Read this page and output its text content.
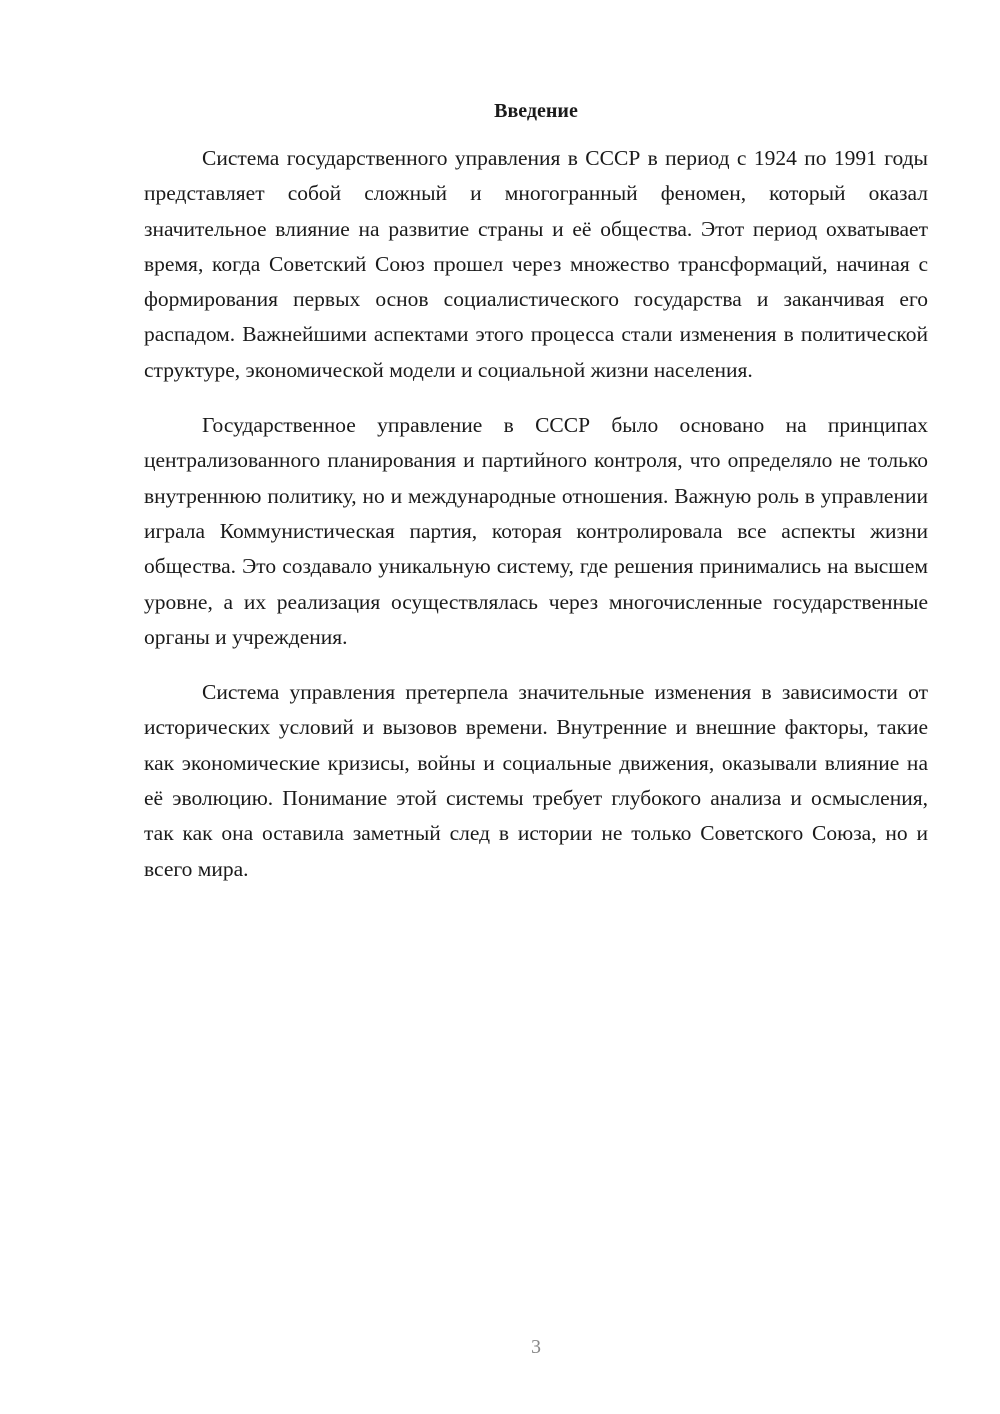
Введение

Система государственного управления в СССР в период с 1924 по 1991 годы представляет собой сложный и многогранный феномен, который оказал значительное влияние на развитие страны и её общества. Этот период охватывает время, когда Советский Союз прошел через множество трансформаций, начиная с формирования первых основ социалистического государства и заканчивая его распадом. Важнейшими аспектами этого процесса стали изменения в политической структуре, экономической модели и социальной жизни населения.

Государственное управление в СССР было основано на принципах централизованного планирования и партийного контроля, что определяло не только внутреннюю политику, но и международные отношения. Важную роль в управлении играла Коммунистическая партия, которая контролировала все аспекты жизни общества. Это создавало уникальную систему, где решения принимались на высшем уровне, а их реализация осуществлялась через многочисленные государственные органы и учреждения.

Система управления претерпела значительные изменения в зависимости от исторических условий и вызовов времени. Внутренние и внешние факторы, такие как экономические кризисы, войны и социальные движения, оказывали влияние на её эволюцию. Понимание этой системы требует глубокого анализа и осмысления, так как она оставила заметный след в истории не только Советского Союза, но и всего мира.

3
